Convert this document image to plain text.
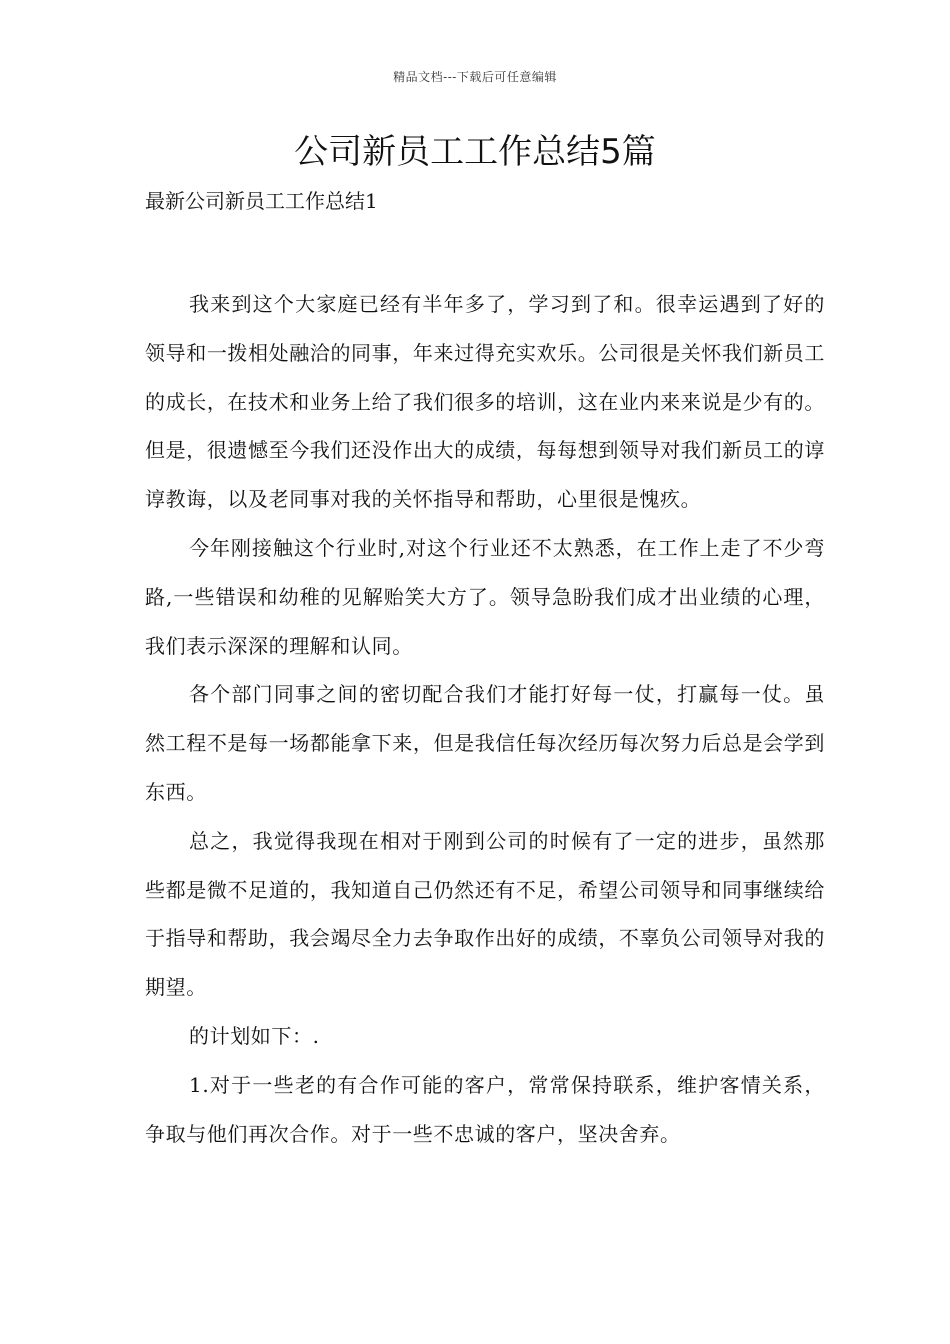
精品文档---下载后可任意编辑
公司新员工工作总结5篇
最新公司新员工工作总结1

我来到这个大家庭已经有半年多了，学习到了和。很幸运遇到了好的领导和一拨相处融洽的同事，年来过得充实欢乐。公司很是关怀我们新员工的成长，在技术和业务上给了我们很多的培训，这在业内来来说是少有的。但是，很遗憾至今我们还没作出大的成绩，每每想到领导对我们新员工的谆谆教诲，以及老同事对我的关怀指导和帮助，心里很是愧疚。

今年刚接触这个行业时,对这个行业还不太熟悉，在工作上走了不少弯路,一些错误和幼稚的见解贻笑大方了。领导急盼我们成才出业绩的心理，我们表示深深的理解和认同。

各个部门同事之间的密切配合我们才能打好每一仗，打赢每一仗。虽然工程不是每一场都能拿下来，但是我信任每次经历每次努力后总是会学到东西。

总之，我觉得我现在相对于刚到公司的时候有了一定的进步，虽然那些都是微不足道的，我知道自己仍然还有不足，希望公司领导和同事继续给于指导和帮助，我会竭尽全力去争取作出好的成绩，不辜负公司领导对我的期望。

的计划如下：.

1.对于一些老的有合作可能的客户，常常保持联系，维护客情关系，争取与他们再次合作。对于一些不忠诚的客户，坚决舍弃。
